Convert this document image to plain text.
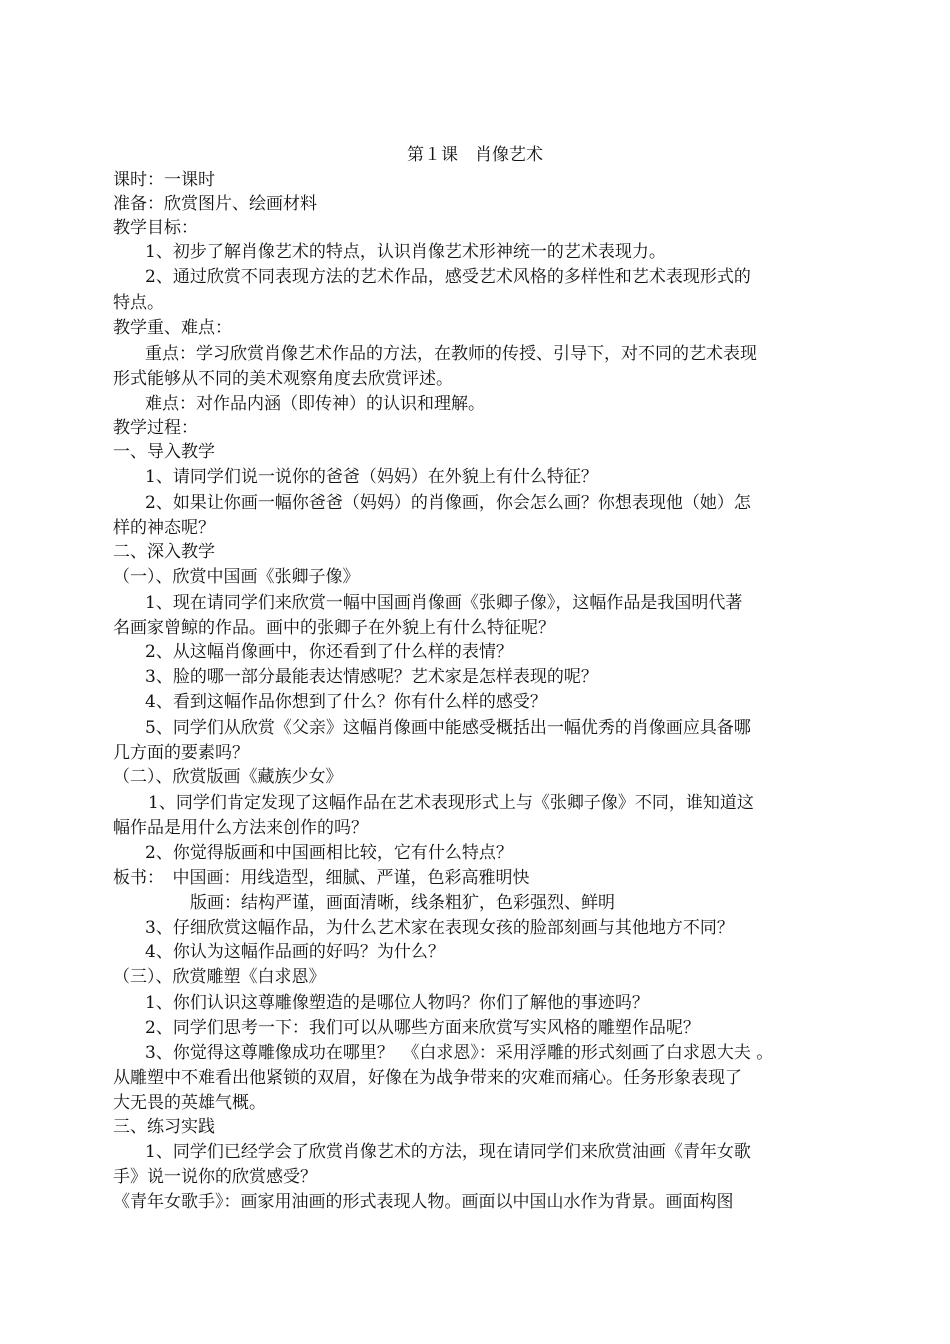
第１课　肖像艺术
课时：一课时
准备：欣赏图片、绘画材料
教学目标：
1、初步了解肖像艺术的特点，认识肖像艺术形神统一的艺术表现力。
2、通过欣赏不同表现方法的艺术作品，感受艺术风格的多样性和艺术表现形式的
特点。
教学重、难点：
重点：学习欣赏肖像艺术作品的方法，在教师的传授、引导下，对不同的艺术表现
形式能够从不同的美术观察角度去欣赏评述。
难点：对作品内涵（即传神）的认识和理解。
教学过程：
一、导入教学
1、请同学们说一说你的爸爸（妈妈）在外貌上有什么特征？
2、如果让你画一幅你爸爸（妈妈）的肖像画，你会怎么画？你想表现他（她）怎
样的神态呢？
二、深入教学
（一）、欣赏中国画《张卿子像》
1、现在请同学们来欣赏一幅中国画肖像画《张卿子像》，这幅作品是我国明代著
名画家曾鲸的作品。画中的张卿子在外貌上有什么特征呢？
2、从这幅肖像画中，你还看到了什么样的表情？
3、脸的哪一部分最能表达情感呢？艺术家是怎样表现的呢？
4、看到这幅作品你想到了什么？你有什么样的感受？
5、同学们从欣赏《父亲》这幅肖像画中能感受概括出一幅优秀的肖像画应具备哪
几方面的要素吗？
（二）、欣赏版画《藏族少女》
1、同学们肯定发现了这幅作品在艺术表现形式上与《张卿子像》不同，谁知道这
幅作品是用什么方法来创作的吗？
2、你觉得版画和中国画相比较，它有什么特点？
板书：　中国画：用线造型，细腻、严谨，色彩高雅明快
版画：结构严谨，画面清晰，线条粗犷，色彩强烈、鲜明
3、仔细欣赏这幅作品，为什么艺术家在表现女孩的脸部刻画与其他地方不同？
4、你认为这幅作品画的好吗？为什么？
（三）、欣赏雕塑《白求恩》
1、你们认识这尊雕像塑造的是哪位人物吗？你们了解他的事迹吗？
2、同学们思考一下：我们可以从哪些方面来欣赏写实风格的雕塑作品呢？
3、你觉得这尊雕像成功在哪里？　《白求恩》：采用浮雕的形式刻画了白求恩大夫 。
从雕塑中不难看出他紧锁的双眉，好像在为战争带来的灾难而痛心。任务形象表现了
大无畏的英雄气概。
三、练习实践
1、同学们已经学会了欣赏肖像艺术的方法，现在请同学们来欣赏油画《青年女歌
手》说一说你的欣赏感受？
《青年女歌手》：画家用油画的形式表现人物。画面以中国山水作为背景。画面构图
